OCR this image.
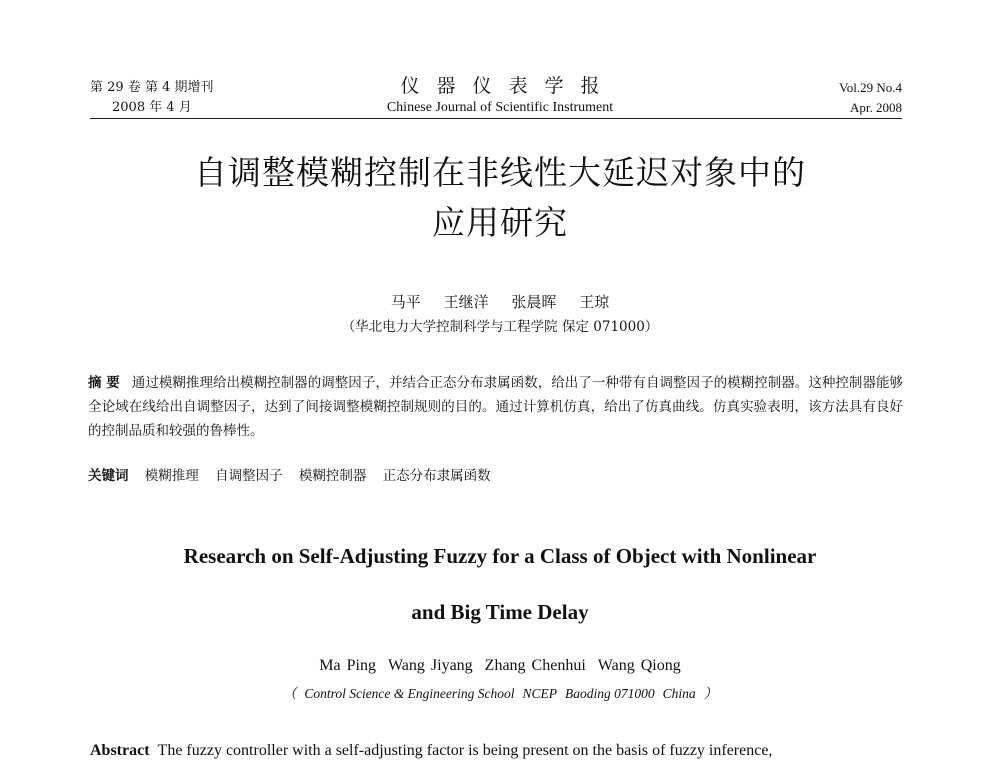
第 29 卷 第 4 期增刊
2008 年 4 月
仪器仪表学报
Chinese Journal of Scientific Instrument
Vol.29 No.4
Apr. 2008
自调整模糊控制在非线性大延迟对象中的
应用研究
马平 王继洋 张晨晖 王琼
（华北电力大学控制科学与工程学院 保定 071000）
摘 要 通过模糊推理给出模糊控制器的调整因子，并结合正态分布隶属函数，给出了一种带有自调整因子的模糊控制器。这种控制器能够全论域在线给出自调整因子，达到了间接调整模糊控制规则的目的。通过计算机仿真，给出了仿真曲线。仿真实验表明，该方法具有良好的控制品质和较强的鲁棒性。
关键词 模糊推理 自调整因子 模糊控制器 正态分布隶属函数
Research on Self-Adjusting Fuzzy for a Class of Object with Nonlinear
and Big Time Delay
Ma Ping Wang Jiyang Zhang Chenhui Wang Qiong
（ Control Science & Engineering School NCEP Baoding 071000 China ）
Abstract The fuzzy controller with a self-adjusting factor is being present on the basis of fuzzy inference,
